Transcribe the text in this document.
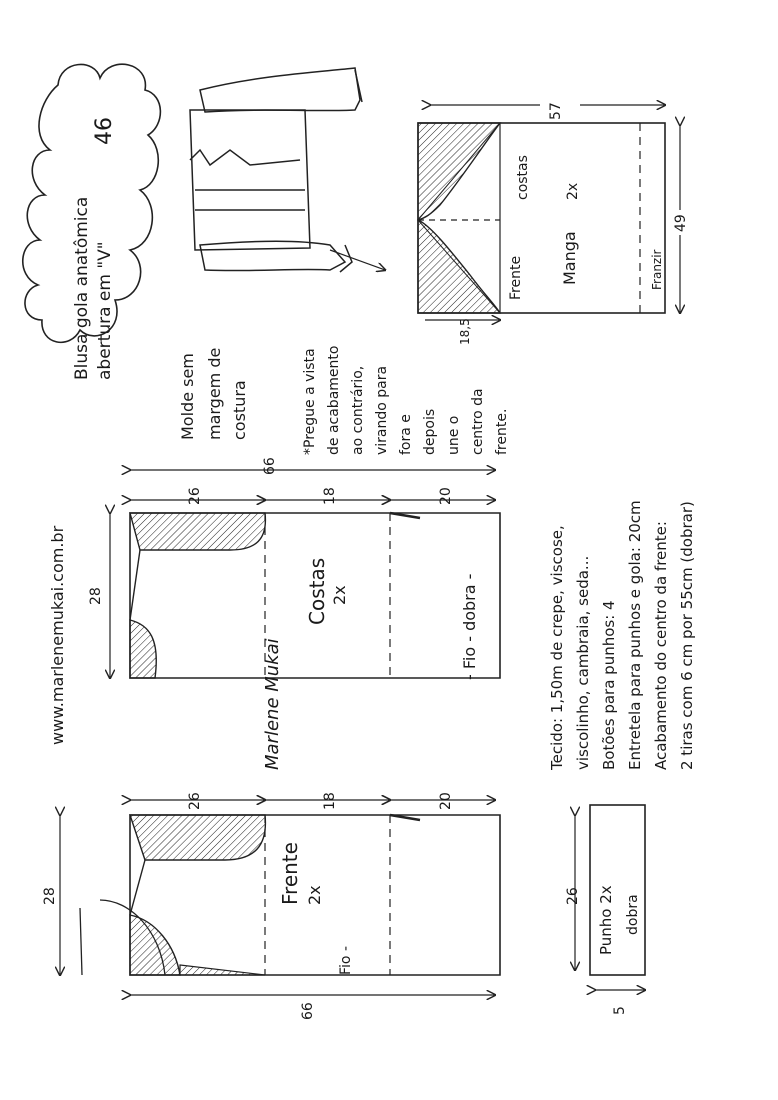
Blusa gola anatômica abertura em "V"
46
www.marlenemukai.com.br	Marlene Mukai
Molde sem margem de costura	*Pregue a vista de acabamento ao contrário, virando para fora e depois une o centro da frente.
Tecido: 1,50m de crepe, viscose, viscolinho, cambraia, seda... Botões para punhos: 4 Entretela para punhos e gola: 20cm Acabamento do centro da frente: 2 tiras com 6 cm por 55cm (dobrar)
Costas 2x	- Fio - dobra -
66
26	18	20
28
Frente 2x
Fio -
26	18	20
66
28
Manga
2x
costas
Frente	Franzir
57
49
18,5
Punho 2x dobra
26
5
